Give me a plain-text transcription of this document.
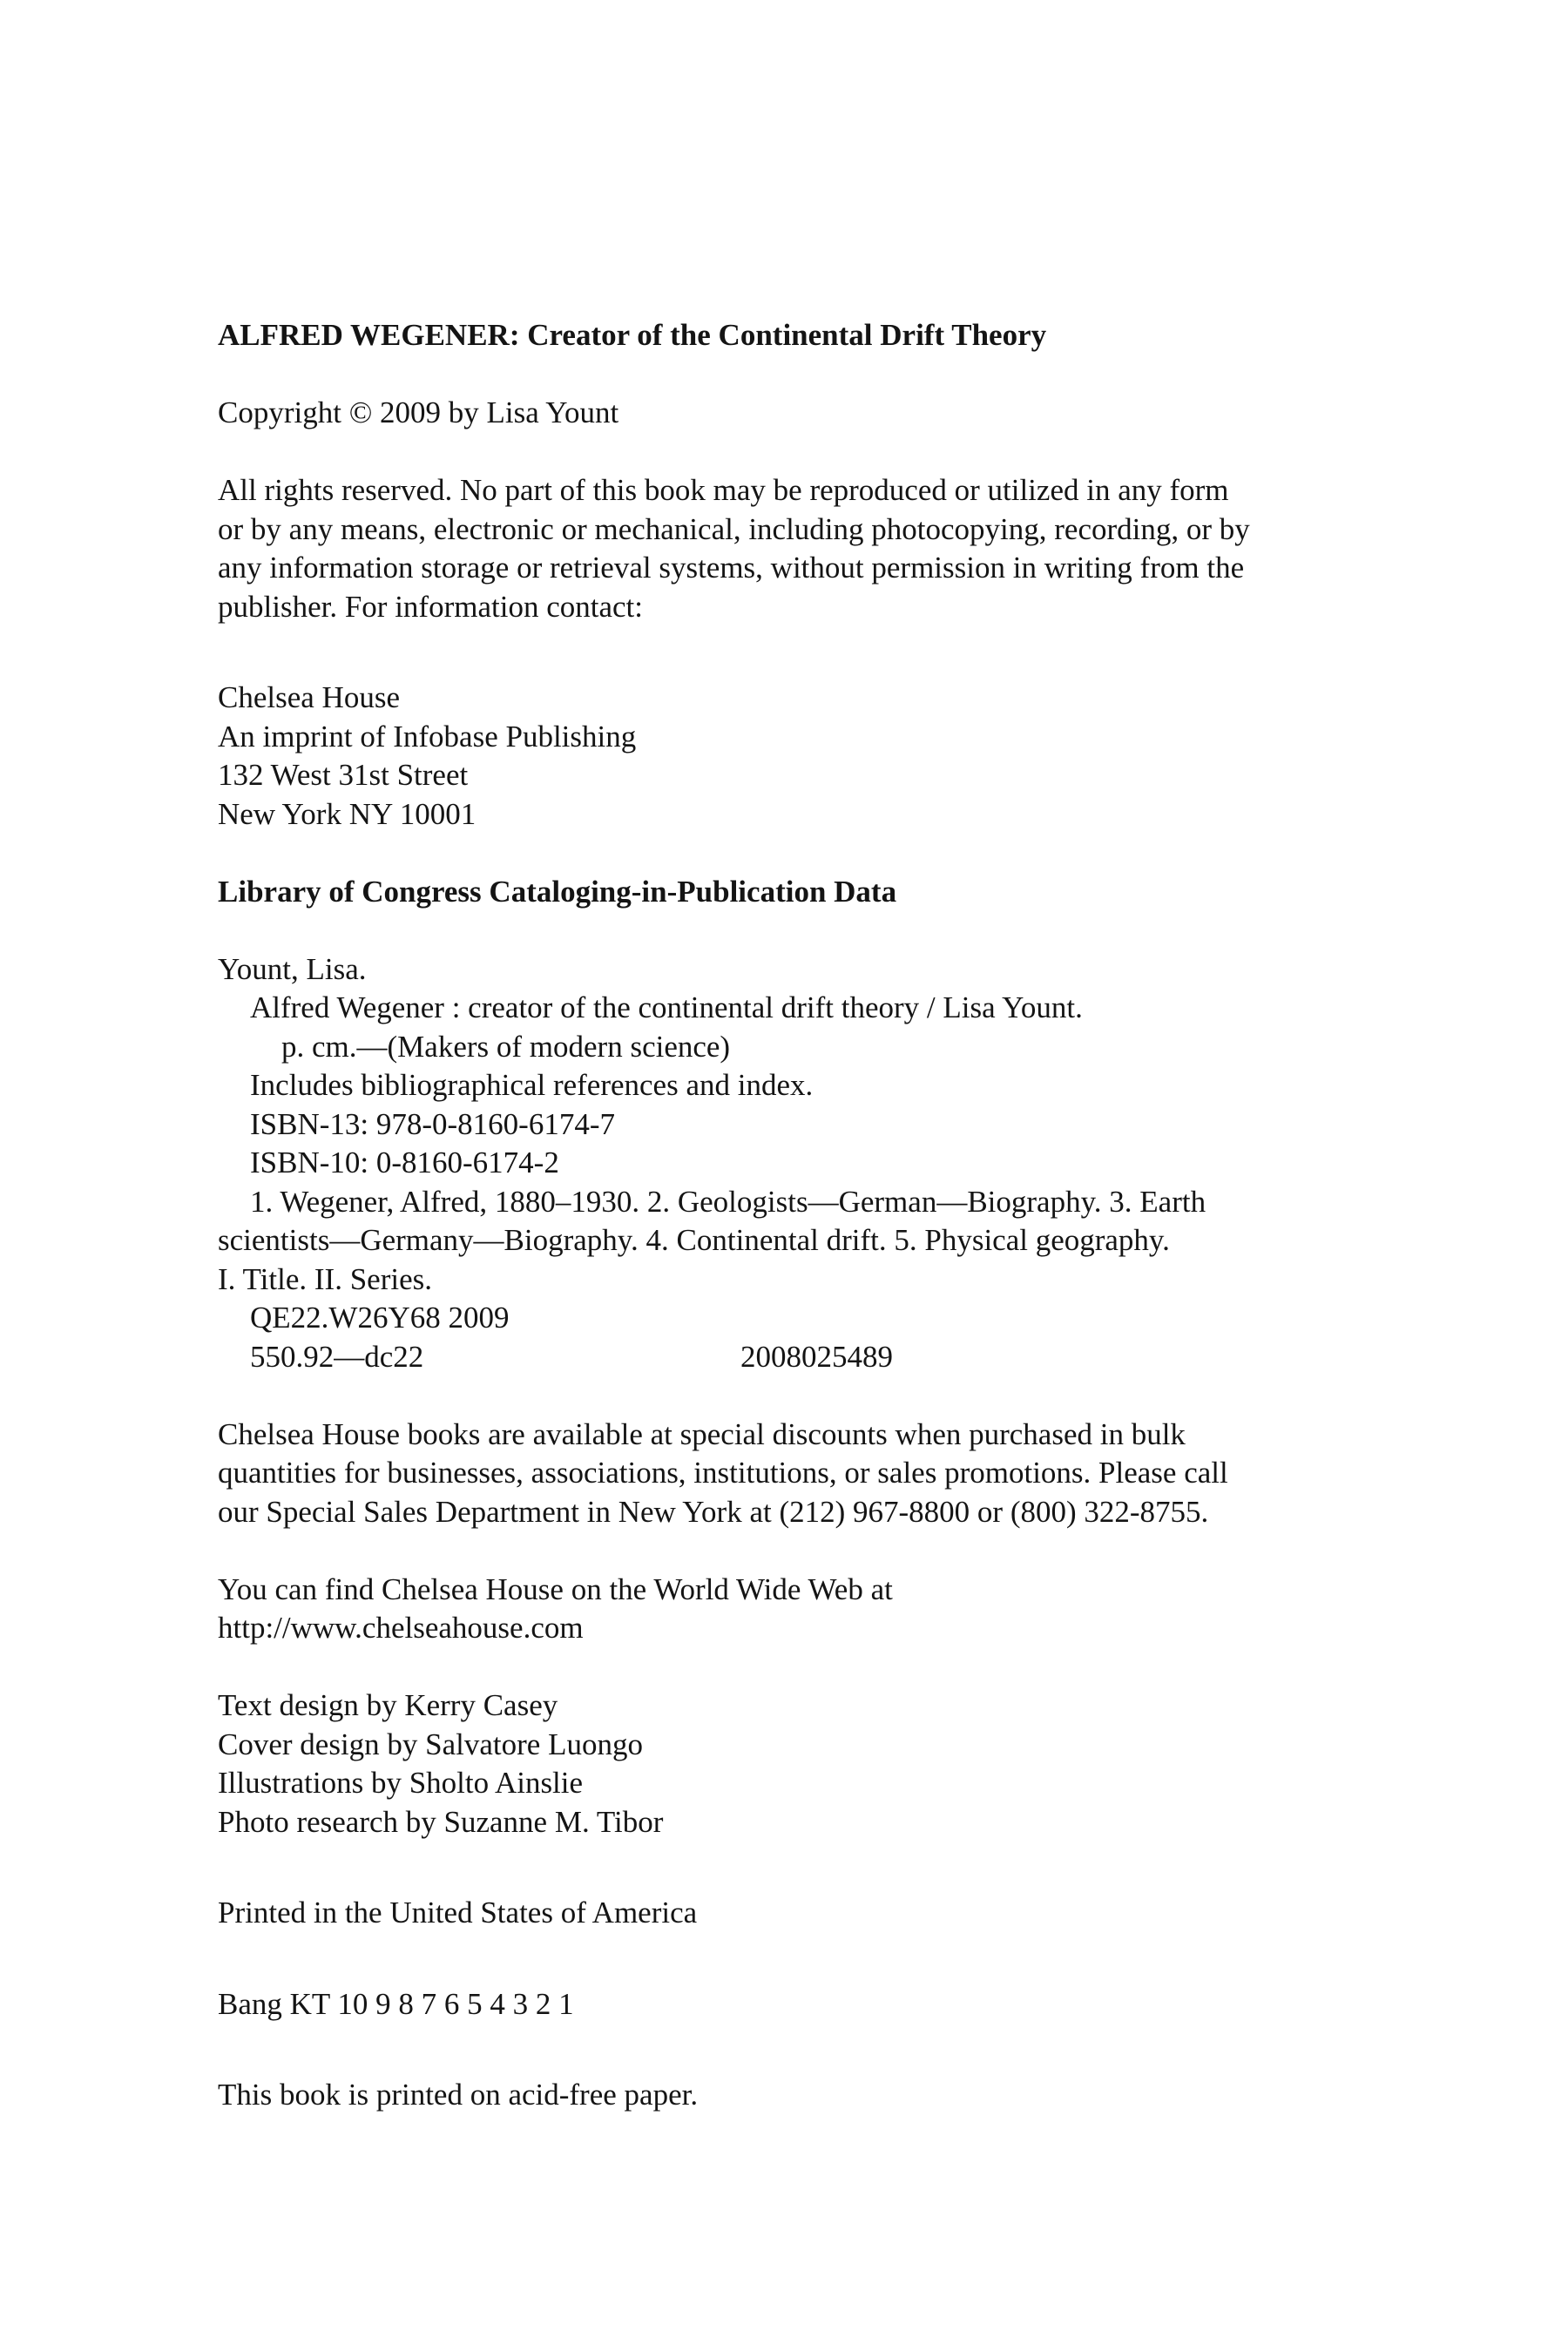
ALFRED WEGENER: Creator of the Continental Drift Theory
Copyright © 2009 by Lisa Yount
All rights reserved. No part of this book may be reproduced or utilized in any form
or by any means, electronic or mechanical, including photocopying, recording, or by
any information storage or retrieval systems, without permission in writing from the
publisher. For information contact:
Chelsea House
An imprint of Infobase Publishing
132 West 31st Street
New York NY 10001
Library of Congress Cataloging-in-Publication Data
Yount, Lisa.
Alfred Wegener : creator of the continental drift theory / Lisa Yount.
p. cm.—(Makers of modern science)
Includes bibliographical references and index.
ISBN-13: 978-0-8160-6174-7
ISBN-10: 0-8160-6174-2
1. Wegener, Alfred, 1880–1930. 2. Geologists—German—Biography. 3. Earth
scientists—Germany—Biography. 4. Continental drift. 5. Physical geography.
I. Title. II. Series.
QE22.W26Y68 2009
550.92—dc22	2008025489
Chelsea House books are available at special discounts when purchased in bulk
quantities for businesses, associations, institutions, or sales promotions. Please call
our Special Sales Department in New York at (212) 967-8800 or (800) 322-8755.
You can find Chelsea House on the World Wide Web at
http://www.chelseahouse.com
Text design by Kerry Casey
Cover design by Salvatore Luongo
Illustrations by Sholto Ainslie
Photo research by Suzanne M. Tibor
Printed in the United States of America
Bang KT 10 9 8 7 6 5 4 3 2 1
This book is printed on acid-free paper.
